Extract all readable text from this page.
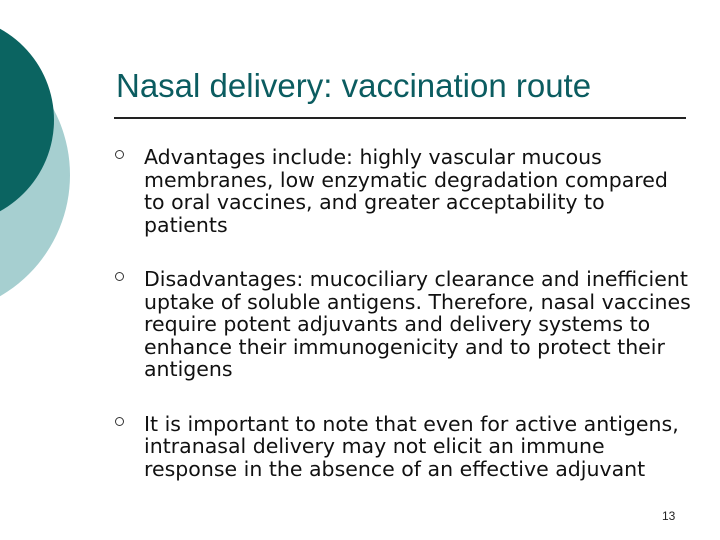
Nasal delivery: vaccination route
Advantages include: highly vascular mucous membranes, low enzymatic degradation compared to oral vaccines, and greater acceptability to patients
Disadvantages: mucociliary clearance and inefficient uptake of soluble antigens. Therefore, nasal vaccines require potent adjuvants and delivery systems to enhance their immunogenicity and to protect their antigens
It is important to note that even for active antigens, intranasal delivery may not elicit an immune response in the absence of an effective adjuvant
13
